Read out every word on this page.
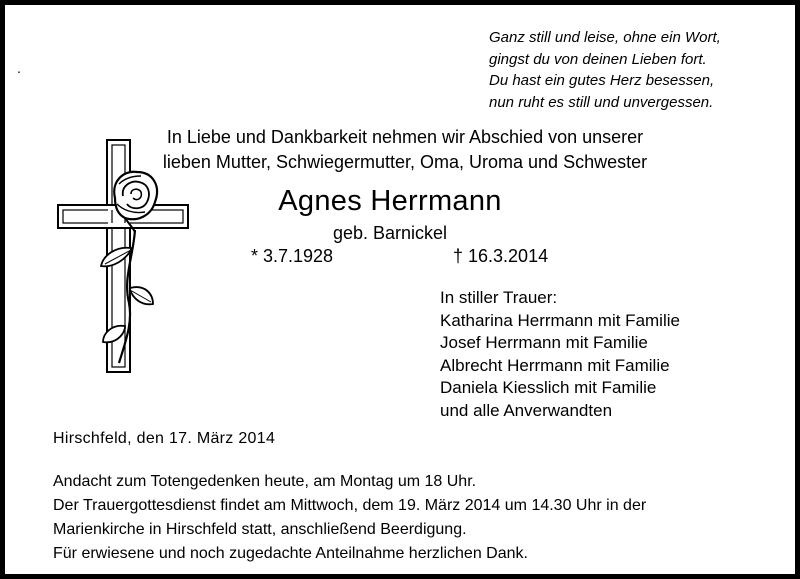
.
Ganz still und leise, ohne ein Wort,
gingst du von deinen Lieben fort.
Du hast ein gutes Herz besessen,
nun ruht es still und unvergessen.
In Liebe und Dankbarkeit nehmen wir Abschied von unserer
lieben Mutter, Schwiegermutter, Oma, Uroma und Schwester
Agnes Herrmann
geb. Barnickel
* 3.7.1928	† 16.3.2014
In stiller Trauer:
Katharina Herrmann mit Familie
Josef Herrmann mit Familie
Albrecht Herrmann mit Familie
Daniela Kiesslich mit Familie
und alle Anverwandten
Hirschfeld, den 17. März 2014
Andacht zum Totengedenken heute, am Montag um 18 Uhr.
Der Trauergottesdienst findet am Mittwoch, dem 19. März 2014 um 14.30 Uhr in der
Marienkirche in Hirschfeld statt, anschließend Beerdigung.
Für erwiesene und noch zugedachte Anteilnahme herzlichen Dank.
